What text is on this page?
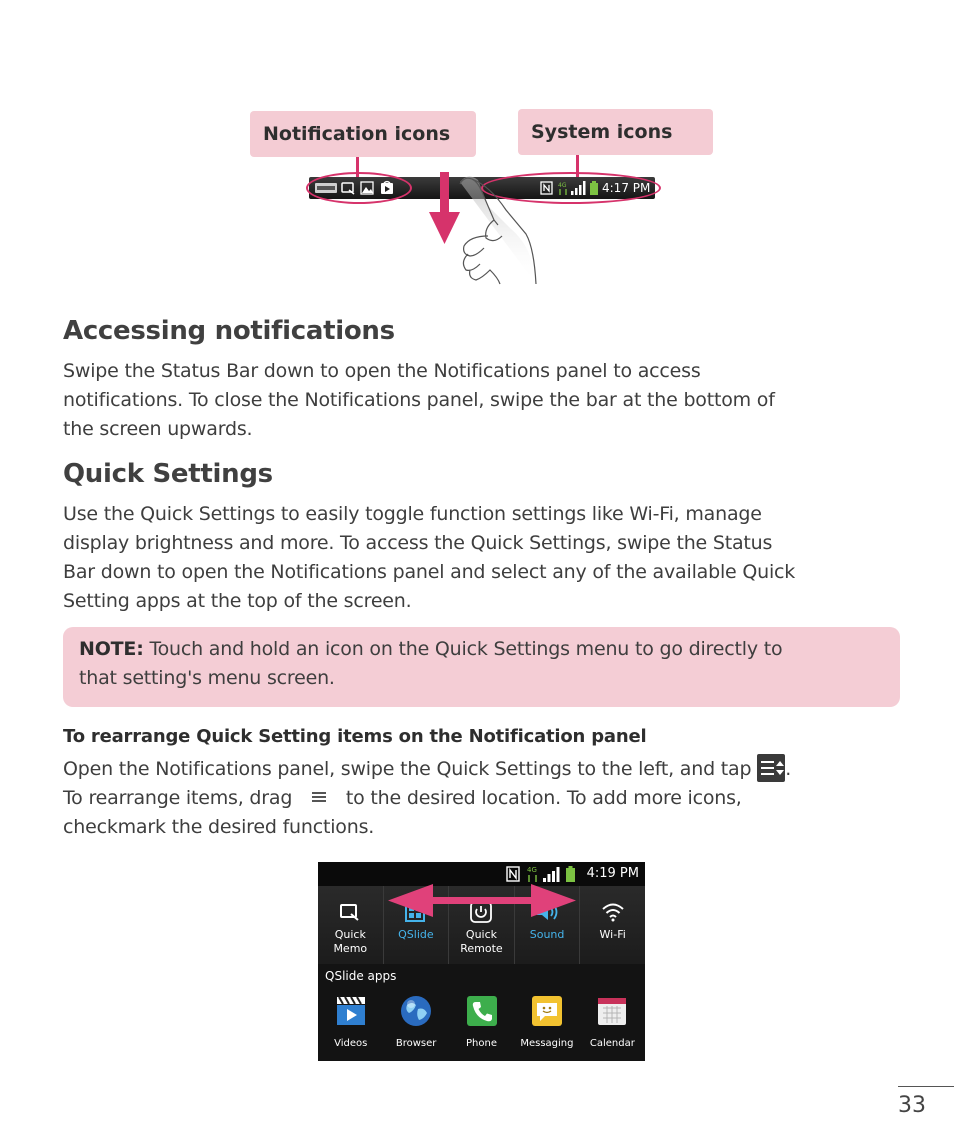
Notification icons	System icons
4G	4:17 PM
Accessing notifications

Swipe the Status Bar down to open the Notifications panel to access

notifications. To close the Notifications panel, swipe the bar at the bottom of

the screen upwards.

Quick Settings

Use the Quick Settings to easily toggle function settings like Wi-Fi, manage

display brightness and more. To access the Quick Settings, swipe the Status

Bar down to open the Notifications panel and select any of the available Quick

Setting apps at the top of the screen.

NOTE: Touch and hold an icon on the Quick Settings menu to go directly to
that setting's menu screen.
To rearrange Quick Setting items on the Notification panel

Open the Notifications panel, swipe the Quick Settings to the left, and tap .

To rearrange items, drag	to the desired location. To add more icons,

checkmark the desired functions.

4G	4:19 PM
Quick
Memo
QSlide	Quick
Remote
Sound	Wi-Fi
QSlide apps
Videos	Browser	Phone Messaging Calendar
33
